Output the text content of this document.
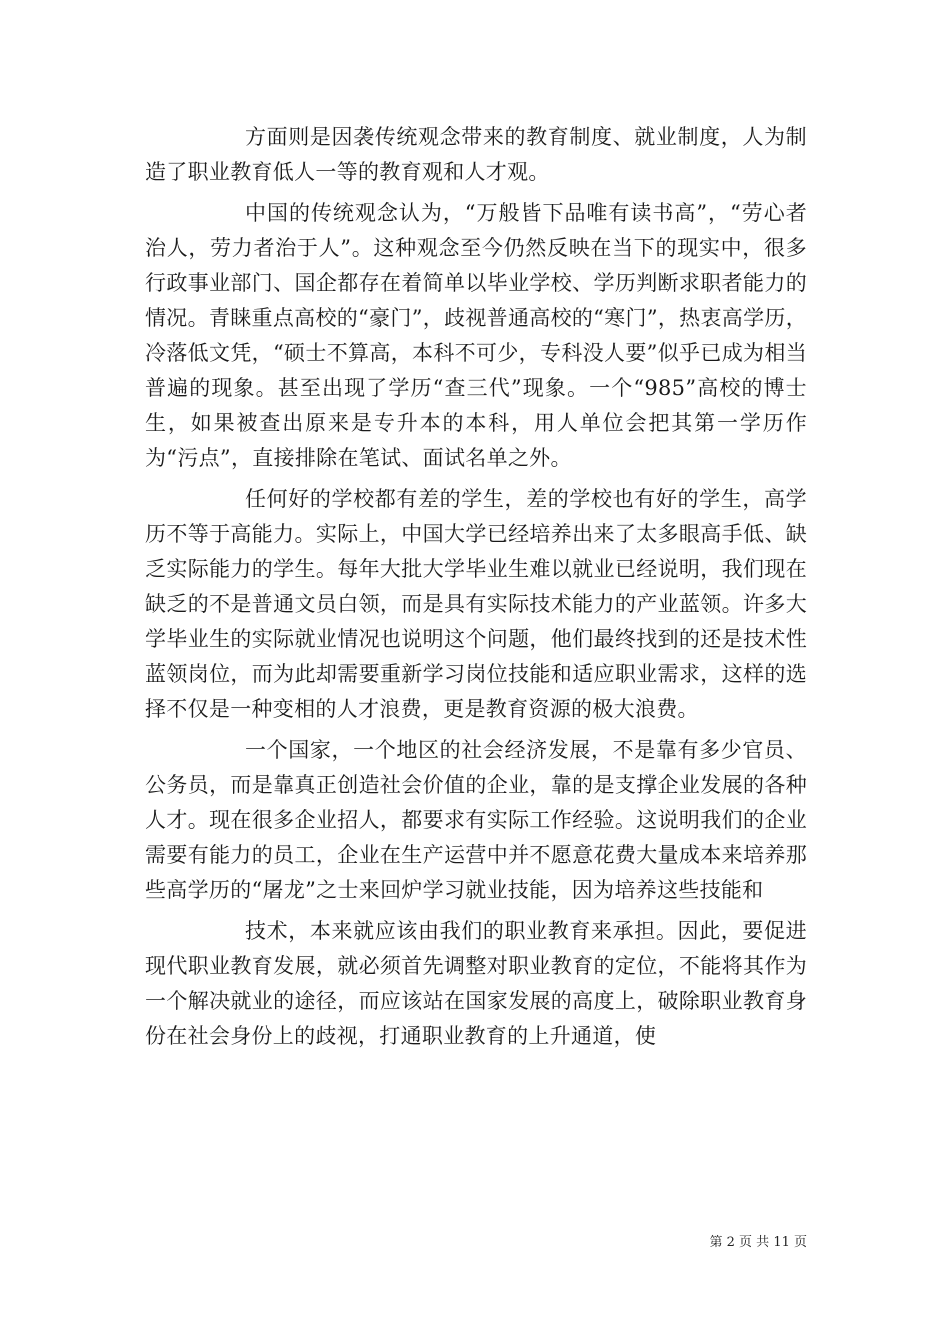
方面则是因袭传统观念带来的教育制度、就业制度，人为制造了职业教育低人一等的教育观和人才观。

中国的传统观念认为，“万般皆下品唯有读书高”，“劳心者治人，劳力者治于人”。这种观念至今仍然反映在当下的现实中，很多行政事业部门、国企都存在着简单以毕业学校、学历判断求职者能力的情况。青睐重点高校的“豪门”，歧视普通高校的“寒门”，热衷高学历，冷落低文凭，“硕士不算高，本科不可少，专科没人要”似乎已成为相当普遍的现象。甚至出现了学历“查三代”现象。一个“985”高校的博士生，如果被查出原来是专升本的本科，用人单位会把其第一学历作为“污点”，直接排除在笔试、面试名单之外。

任何好的学校都有差的学生，差的学校也有好的学生，高学历不等于高能力。实际上，中国大学已经培养出来了太多眼高手低、缺乏实际能力的学生。每年大批大学毕业生难以就业已经说明，我们现在缺乏的不是普通文员白领，而是具有实际技术能力的产业蓝领。许多大学毕业生的实际就业情况也说明这个问题，他们最终找到的还是技术性蓝领岗位，而为此却需要重新学习岗位技能和适应职业需求，这样的选择不仅是一种变相的人才浪费，更是教育资源的极大浪费。

一个国家，一个地区的社会经济发展，不是靠有多少官员、公务员，而是靠真正创造社会价值的企业，靠的是支撑企业发展的各种人才。现在很多企业招人，都要求有实际工作经验。这说明我们的企业需要有能力的员工，企业在生产运营中并不愿意花费大量成本来培养那些高学历的“屠龙”之士来回炉学习就业技能，因为培养这些技能和

技术，本来就应该由我们的职业教育来承担。因此，要促进现代职业教育发展，就必须首先调整对职业教育的定位，不能将其作为一个解决就业的途径，而应该站在国家发展的高度上，破除职业教育身份在社会身份上的歧视，打通职业教育的上升通道，使

第 2 页 共 11 页
